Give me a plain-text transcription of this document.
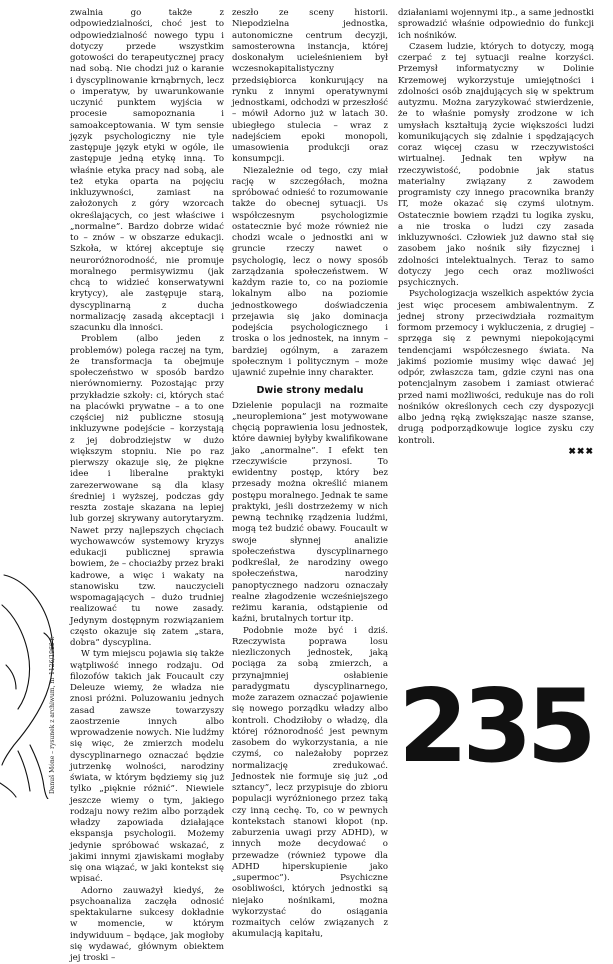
zwalnia go także z odpowiedzialności, choć jest to odpowiedzialność nowego typu i dotyczy przede wszystkim gotowości do terapeutycznej pracy nad sobą. Nie chodzi już o karanie i dyscyplinowanie krnąbrnych, lecz o imperatyw, by uwarunkowanie uczynić punktem wyjścia w procesie samopoznania i samoakceptowania. W tym sensie język psychologiczny nie tyle zastępuje język etyki w ogóle, ile zastępuje jedną etykę inną. To właśnie etyka pracy nad sobą, ale też etyka oparta na pojęciu inkluzywności, zamiast na założonych z góry wzorcach określających, co jest właściwe i „normalne”. Bardzo dobrze widać to – znów – w obszarze edukacji. Szkoła, w której akceptuje się neuroróżnorodność, nie promuje moralnego permisywizmu (jak chcą to widzieć konserwatywni krytycy), ale zastępuje starą, dyscyplinarną z ducha normalizację zasadą akceptacji i szacunku dla inności.

Problem (albo jeden z problemów) polega raczej na tym, że transformacja ta obejmuje społeczeństwo w sposób bardzo nierównomierny. Pozostając przy przykładzie szkoły: ci, których stać na placówki prywatne – a to one częściej niż publiczne stosują inkluzywne podejście – korzystają z jej dobrodziejstw w dużo większym stopniu. Nie po raz pierwszy okazuje się, że piękne idee i liberalne praktyki zarezerwowane są dla klasy średniej i wyższej, podczas gdy reszta zostaje skazana na lepiej lub gorzej skrywany autorytaryzm. Nawet przy najlepszych chęciach wychowawców systemowy kryzys edukacji publicznej sprawia bowiem, że – chociażby przez braki kadrowe, a więc i wakaty na stanowisku tzw. nauczycieli wspomagających – dużo trudniej realizować tu nowe zasady. Jedynym dostępnym rozwiązaniem często okazuje się zatem „stara, dobra” dyscyplina.

W tym miejscu pojawia się także wątpliwość innego rodzaju. Od filozofów takich jak Foucault czy Deleuze wiemy, że władza nie znosi próżni. Poluzowaniu jednych zasad zawsze towarzyszy zaostrzenie innych albo wprowadzenie nowych. Nie ludźmy się więc, że zmierzch modelu dyscyplinarnego oznaczać będzie jutrzenkę wolności, narodziny świata, w którym będziemy się już tylko „pięknie różnić”. Niewiele jeszcze wiemy o tym, jakiego rodzaju nowy reżim albo porządek władzy zapowiada działające ekspansja psychologii. Możemy jedynie spróbować wskazać, z jakimi innymi zjawiskami mogłaby się ona wiązać, w jaki kontekst się wpisać.

Adorno zauważył kiedyś, że psychoanaliza zaczęła odnosić spektakularne sukcesy dokładnie w momencie, w którym indywiduum – będące, jak mogłoby się wydawać, głównym obiektem jej troski –

zeszło ze sceny historii. Niepodzielna jednostka, autonomiczne centrum decyzji, samosterowna instancja, której doskonałym ucieleśnieniem był wczesnokapitalistyczny przedsiębiorca konkurujący na rynku z innymi operatywnymi jednostkami, odchodzi w przeszłość – mówił Adorno już w latach 30. ubiegłego stulecia – wraz z nadejściem epoki monopoli, umasowienia produkcji oraz konsumpcji.

Niezależnie od tego, czy miał rację w szczegółach, można spróbować odnieść to rozumowanie także do obecnej sytuacji. Us współczesnym psychologizmie ostatecznie być może również nie chodzi wcale o jednostki ani w gruncie rzeczy nawet o psychologię, lecz o nowy sposób zarządzania społeczeństwem. W każdym razie to, co na poziomie lokalnym albo na poziomie jednostkowego doświadczenia przejawia się jako dominacja podejścia psychologicznego i troska o los jednostek, na innym – bardziej ogólnym, a zarazem społecznym i politycznym – może ujawnić zupełnie inny charakter.

Dwie strony medalu

Dzielenie populacji na rozmaite „neuroplemiona” jest motywowane chęcią poprawienia losu jednostek, które dawniej byłyby kwalifikowane jako „anormalne”. I efekt ten rzeczywiście przynosi. To ewidentny postęp, który bez przesady można określić mianem postępu moralnego. Jednak te same praktyki, jeśli dostrzeżemy w nich pewną technikę rządzenia ludźmi, mogą też budzić obawy. Foucault w swoje słynnej analizie społeczeństwa dyscyplinarnego podkreślał, że narodziny owego społeczeństwa, narodziny panoptycznego nadzoru oznaczały realne złagodzenie wcześniejszego reżimu karania, odstąpienie od kaźni, brutalnych tortur itp.

Podobnie może być i dziś. Rzeczywista poprawa losu niezliczonych jednostek, jaką pociąga za sobą zmierzch, a przynajmniej osłabienie paradygmatu dyscyplinarnego, może zarazem oznaczać pojawienie się nowego porządku władzy albo kontroli. Chodziłoby o władzę, dla której różnorodność jest pewnym zasobem do wykorzystania, a nie czymś, co należałoby poprzez normalizację zredukować. Jednostek nie formuje się już „od sztancy”, lecz przypisuje do zbioru populacji wyróżnionego przez taką czy inną cechę. To, co w pewnych kontekstach stanowi kłopot (np. zaburzenia uwagi przy ADHD), w innych może decydować o przewadze (również typowe dla ADHD hiperskupienie jako „supermoc”). Psychiczne osobliwości, których jednostki są niejako nośnikami, można wykorzystać do osiągania rozmaitych celów związanych z akumulacją kapitału,

działaniami wojennymi itp., a same jednostki sprowadzić właśnie odpowiednio do funkcji ich nośników.

Czasem ludzie, których to dotyczy, mogą czerpać z tej sytuacji realne korzyści. Przemysł informatyczny w Dolinie Krzemowej wykorzystuje umiejętności i zdolności osób znajdujących się w spektrum autyzmu. Można zaryzykować stwierdzenie, że to właśnie pomysły zrodzone w ich umysłach kształtują życie większości ludzi komunikujących się zdalnie i spędzających coraz więcej czasu w rzeczywistości wirtualnej. Jednak ten wpływ na rzeczywistość, podobnie jak status materialny związany z zawodem programisty czy innego pracownika branży IT, może okazać się czymś ulotnym. Ostatecznie bowiem rządzi tu logika zysku, a nie troska o ludzi czy zasada inkluzywności. Człowiek już dawno stał się zasobem jako nośnik siły fizycznej i zdolności intelektualnych. Teraz to samo dotyczy jego cech oraz możliwości psychicznych.

Psychologizacja wszelkich aspektów życia jest więc procesem ambiwalentnym. Z jednej strony przeciwdziała rozmaitym formom przemocy i wykluczenia, z drugiej – sprzęga się z pewnymi niepokojącymi tendencjami współczesnego świata. Na jakimś poziomie musimy więc dawać jej odpór, zwłaszcza tam, gdzie czyni nas ona potencjalnym zasobem i zamiast otwierać przed nami możliwości, redukuje nas do roli nośników określonych cech czy dyspozycji albo jedną ręką zwiększając nasze szanse, drugą podporządkowuje logice zysku czy kontroli.

✖✖✖

Danuš Móne – rysunek z archiwum, nr 1126/1966 r.	235
